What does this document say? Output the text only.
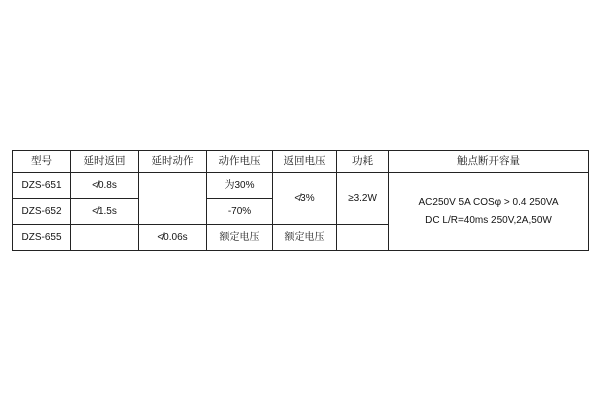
型号	延时返回	延时动作	动作电压	返回电压	功耗	触点断开容量
DZS-651	≮0.8s		为30%	≮3%	≥3.2W	AC250V 5A COSφ > 0.4 250VA
DC L/R=40ms 250V,2A,50W

DZS-652	≮1.5s		-70%			
DZS-655		≮0.06s	额定电压	额定电压		
